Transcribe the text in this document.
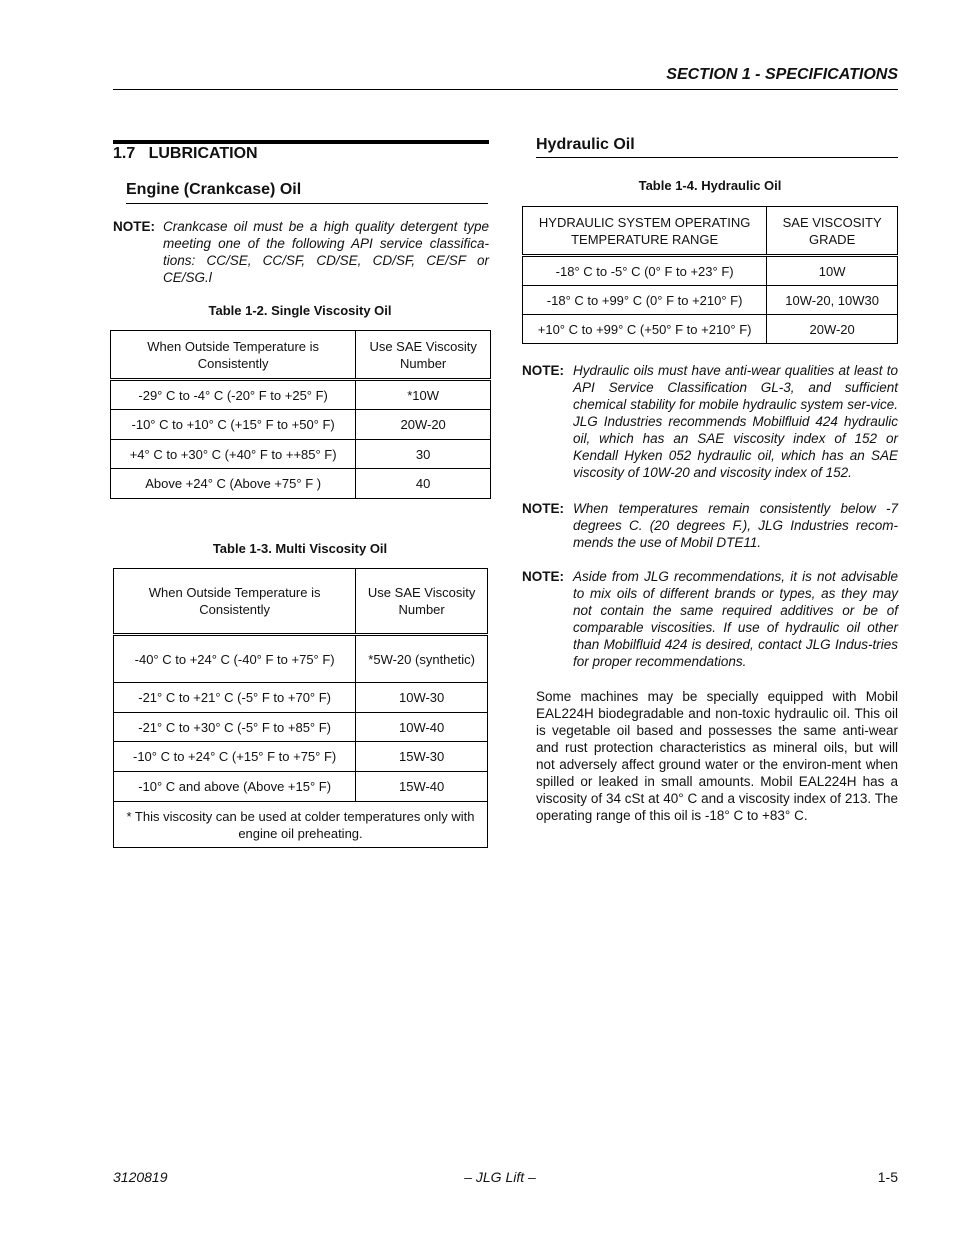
SECTION 1 - SPECIFICATIONS
1.7   LUBRICATION
Engine (Crankcase) Oil
NOTE: Crankcase oil must be a high quality detergent type meeting one of the following API service classifica-tions: CC/SE, CC/SF, CD/SE, CD/SF, CE/SF or CE/SG.l
Table 1-2. Single Viscosity Oil
When Outside Temperature is Consistently	Use SAE Viscosity Number
-29° C to -4° C (-20° F to +25° F)	*10W
-10° C to +10° C (+15° F to +50° F)	20W-20
+4° C to +30° C (+40° F to ++85° F)	30
Above +24° C (Above +75° F )	40
Table 1-3. Multi Viscosity Oil
When Outside Temperature is Consistently	Use SAE Viscosity Number
-40° C to +24° C (-40° F to +75° F)	*5W-20 (synthetic)
-21° C to +21° C (-5° F to +70° F)	10W-30
-21° C to +30° C (-5° F to +85° F)	10W-40
-10° C to +24° C (+15° F to +75° F)	15W-30
-10° C and above (Above +15° F)	15W-40
* This viscosity can be used at colder temperatures only with engine oil preheating.	
Hydraulic Oil
Table 1-4. Hydraulic Oil
HYDRAULIC SYSTEM OPERATING TEMPERATURE RANGE	SAE VISCOSITY GRADE
-18° C to -5° C (0° F to +23° F)	10W
-18° C to +99° C (0° F to +210° F)	10W-20, 10W30
+10° C to +99° C (+50° F to +210° F)	20W-20
NOTE: Hydraulic oils must have anti-wear qualities at least to API Service Classification GL-3, and sufficient chemical stability for mobile hydraulic system ser-vice. JLG Industries recommends Mobilfluid 424 hydraulic oil, which has an SAE viscosity index of 152 or Kendall Hyken 052 hydraulic oil, which has an SAE viscosity of 10W-20 and viscosity index of 152.
NOTE: When temperatures remain consistently below -7 degrees C. (20 degrees F.), JLG Industries recom-mends the use of Mobil DTE11.
NOTE: Aside from JLG recommendations, it is not advisable to mix oils of different brands or types, as they may not contain the same required additives or be of comparable viscosities. If use of hydraulic oil other than Mobilfluid 424 is desired, contact JLG Indus-tries for proper recommendations.
Some machines may be specially equipped with Mobil EAL224H biodegradable and non-toxic hydraulic oil. This oil is vegetable oil based and possesses the same anti-wear and rust protection characteristics as mineral oils, but will not adversely affect ground water or the environ-ment when spilled or leaked in small amounts. Mobil EAL224H has a viscosity of 34 cSt at 40° C and a viscosity index of 213. The operating range of this oil is -18° C to +83° C.
3120819	– JLG Lift –	1-5
